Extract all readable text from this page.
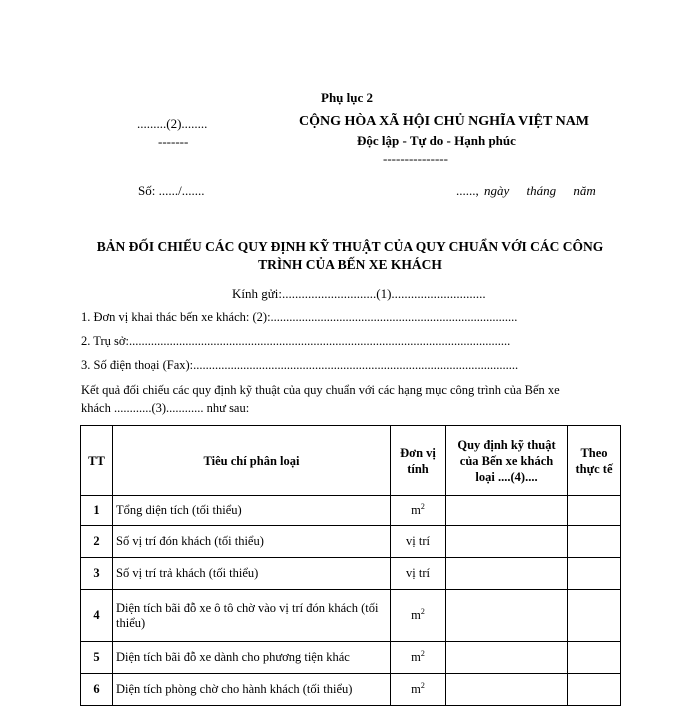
Phụ lục 2
.........(2)........
-------
CỘNG HÒA XÃ HỘI CHỦ NGHĨA VIỆT NAM
Độc lập - Tự do - Hạnh phúc
---------------
Số: ....../.......	......, ngày tháng năm
BẢN ĐỐI CHIẾU CÁC QUY ĐỊNH KỸ THUẬT CỦA QUY CHUẨN VỚI CÁC CÔNG TRÌNH CỦA BẾN XE KHÁCH
Kính gửi:.............................(1).............................
1. Đơn vị khai thác bến xe khách: (2):...............................................................................
2. Trụ sở:..........................................................................................................................
3. Số điện thoại (Fax):........................................................................................................
Kết quả đối chiếu các quy định kỹ thuật của quy chuẩn với các hạng mục công trình của Bến xe
khách ............(3)............ như sau:
TT	Tiêu chí phân loại	Đơn vị tính	Quy định kỹ thuật của Bến xe khách loại ....(4)....	Theo thực tế
1	Tổng diện tích (tối thiểu)	$m^2$		
2	Số vị trí đón khách (tối thiểu)	vị trí		
3	Số vị trí trả khách (tối thiểu)	vị trí		
4	Diện tích bãi đỗ xe ô tô chờ vào vị trí đón khách (tối thiểu)	$m^2$		
5	Diện tích bãi đỗ xe dành cho phương tiện khác	$m^2$		
6	Diện tích phòng chờ cho hành khách (tối thiểu)	$m^2$		
